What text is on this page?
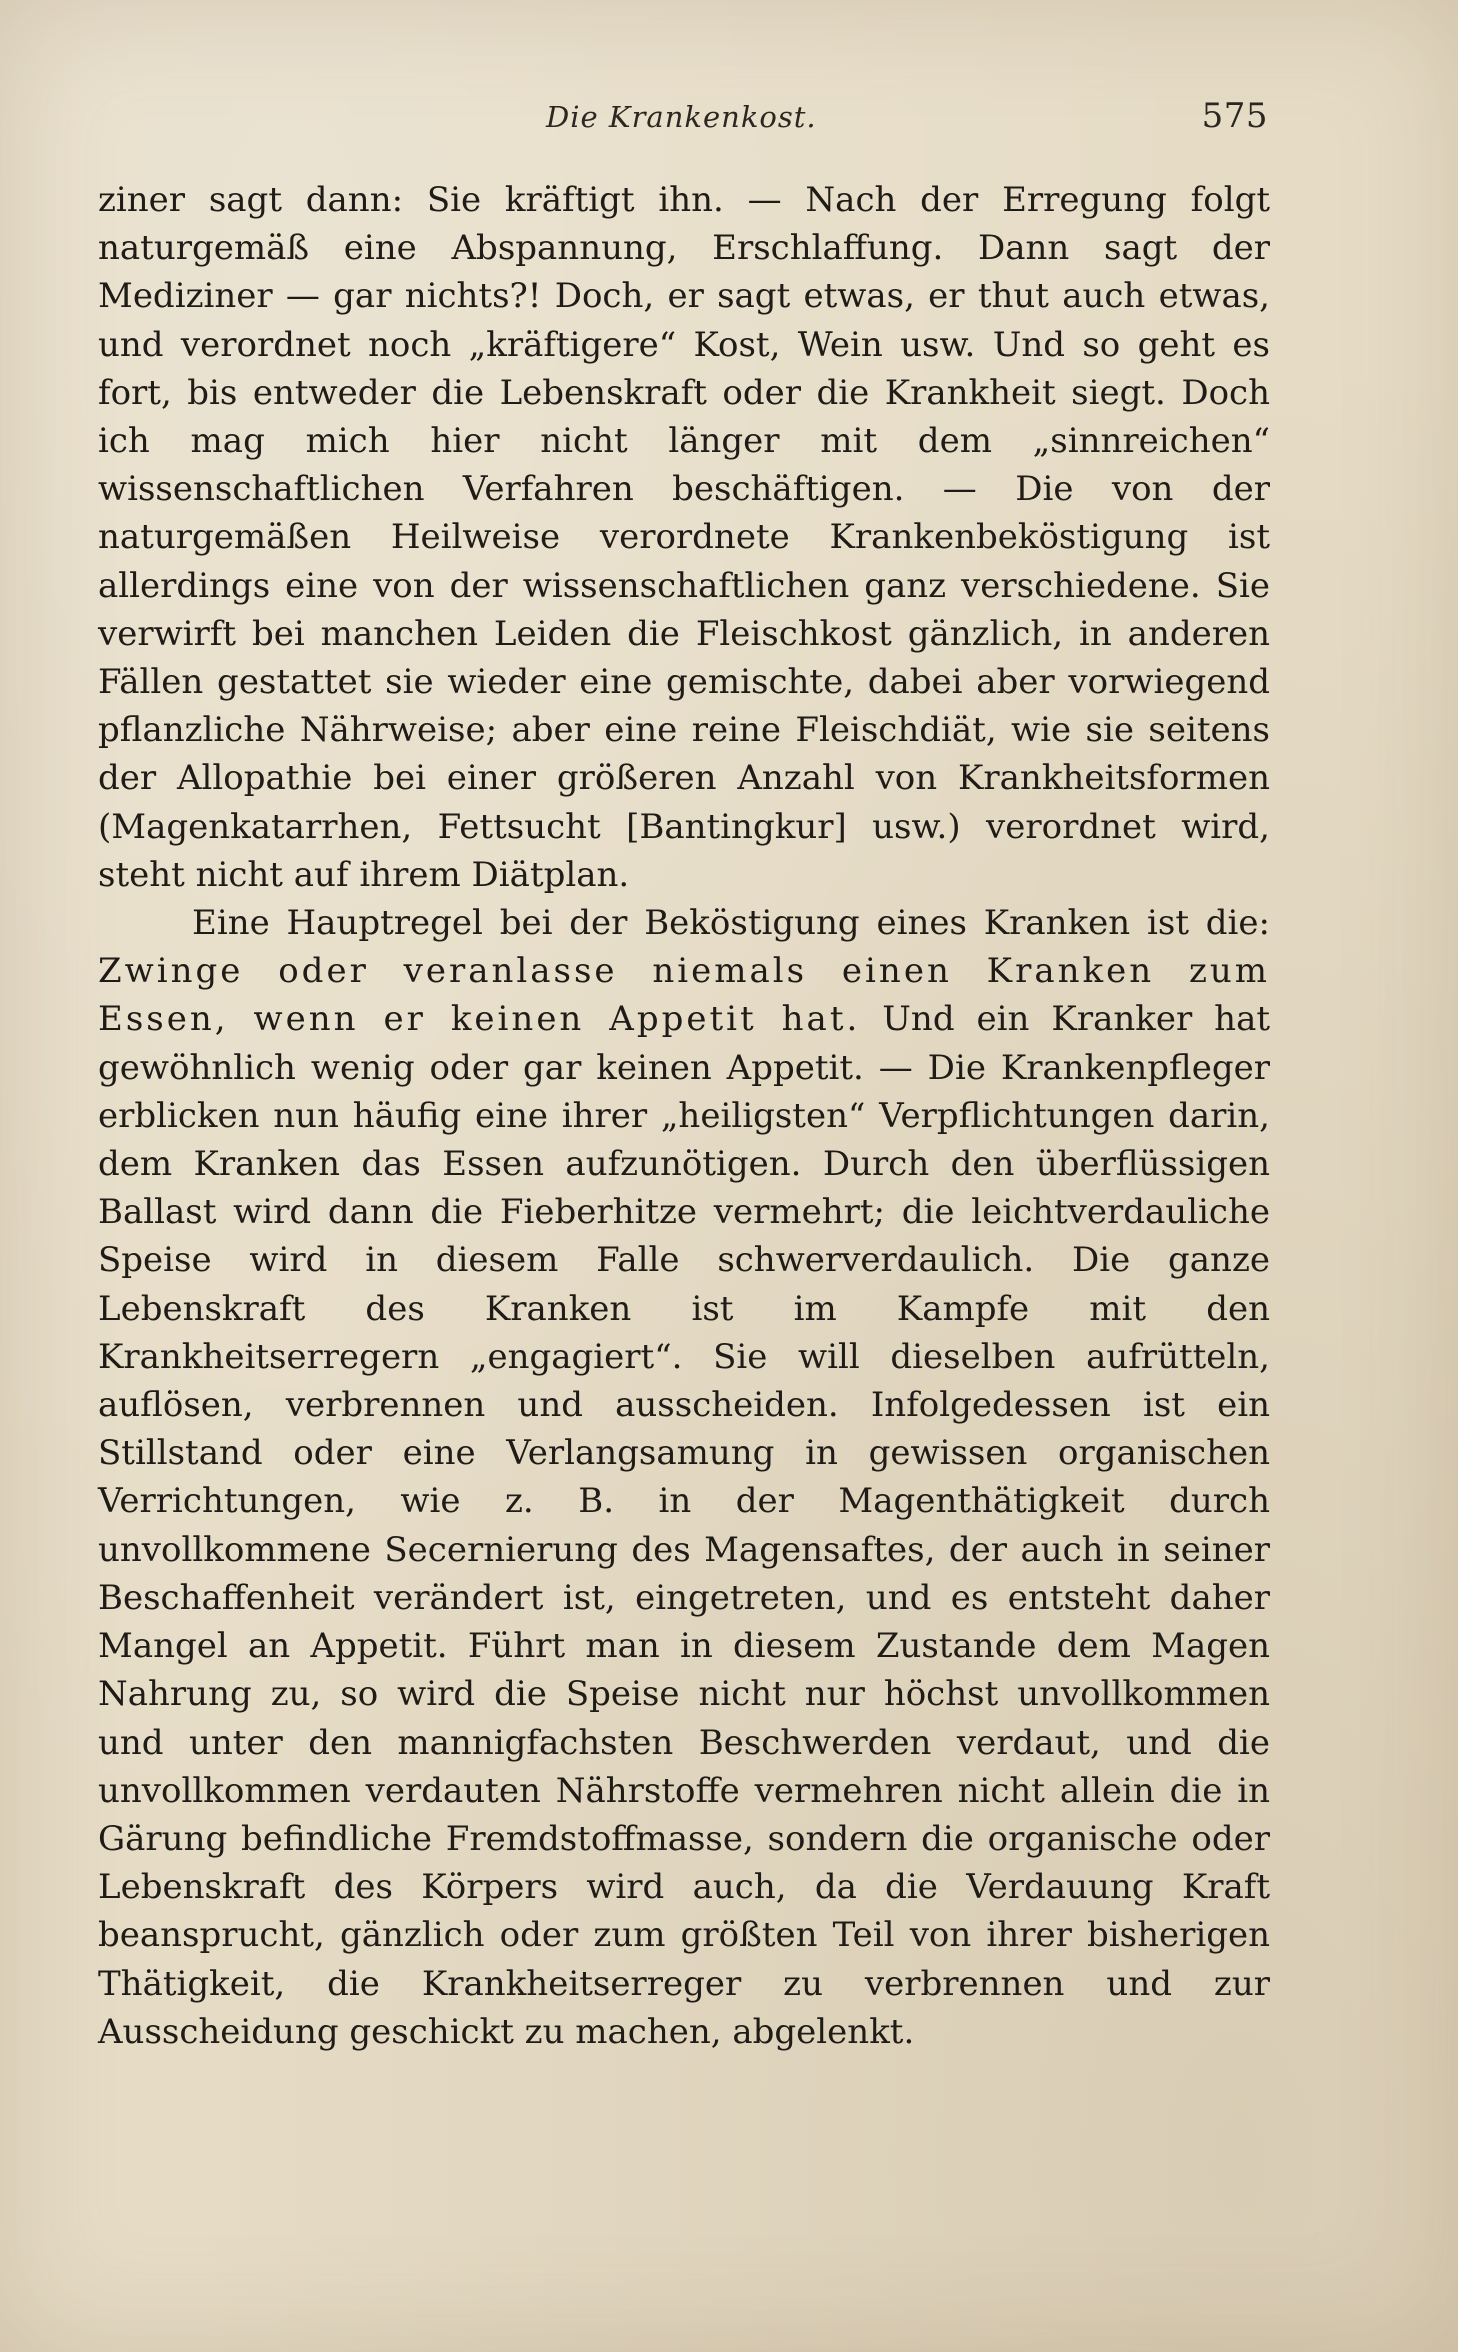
Die Krankenkost.	575

ziner sagt dann: Sie kräftigt ihn. — Nach der Erregung folgt naturgemäß eine Abspannung, Erschlaffung. Dann sagt der Mediziner — gar nichts?! Doch, er sagt etwas, er thut auch etwas, und verordnet noch „kräftigere“ Kost, Wein usw. Und so geht es fort, bis entweder die Lebenskraft oder die Krankheit siegt. Doch ich mag mich hier nicht länger mit dem „sinnreichen“ wissenschaftlichen Verfahren beschäftigen. — Die von der naturgemäßen Heilweise verordnete Krankenbeköstigung ist allerdings eine von der wissenschaftlichen ganz verschiedene. Sie verwirft bei manchen Leiden die Fleischkost gänzlich, in anderen Fällen gestattet sie wieder eine gemischte, dabei aber vorwiegend pflanzliche Nährweise; aber eine reine Fleischdiät, wie sie seitens der Allopathie bei einer größeren Anzahl von Krankheitsformen (Magenkatarrhen, Fettsucht [Bantingkur] usw.) verordnet wird, steht nicht auf ihrem Diätplan.

Eine Hauptregel bei der Beköstigung eines Kranken ist die: Zwinge oder veranlasse niemals einen Kranken zum Essen, wenn er keinen Appetit hat. Und ein Kranker hat gewöhnlich wenig oder gar keinen Appetit. — Die Krankenpfleger erblicken nun häufig eine ihrer „heiligsten“ Verpflichtungen darin, dem Kranken das Essen aufzunötigen. Durch den überflüssigen Ballast wird dann die Fieberhitze vermehrt; die leichtverdauliche Speise wird in diesem Falle schwerverdaulich. Die ganze Lebenskraft des Kranken ist im Kampfe mit den Krankheitserregern „engagiert“. Sie will dieselben aufrütteln, auflösen, verbrennen und ausscheiden. Infolgedessen ist ein Stillstand oder eine Verlangsamung in gewissen organischen Verrichtungen, wie z. B. in der Magenthätigkeit durch unvollkommene Secernierung des Magensaftes, der auch in seiner Beschaffenheit verändert ist, eingetreten, und es entsteht daher Mangel an Appetit. Führt man in diesem Zustande dem Magen Nahrung zu, so wird die Speise nicht nur höchst unvollkommen und unter den mannigfachsten Beschwerden verdaut, und die unvollkommen verdauten Nährstoffe vermehren nicht allein die in Gärung befindliche Fremdstoffmasse, sondern die organische oder Lebenskraft des Körpers wird auch, da die Verdauung Kraft beansprucht, gänzlich oder zum größten Teil von ihrer bisherigen Thätigkeit, die Krankheitserreger zu verbrennen und zur Ausscheidung geschickt zu machen, abgelenkt.
